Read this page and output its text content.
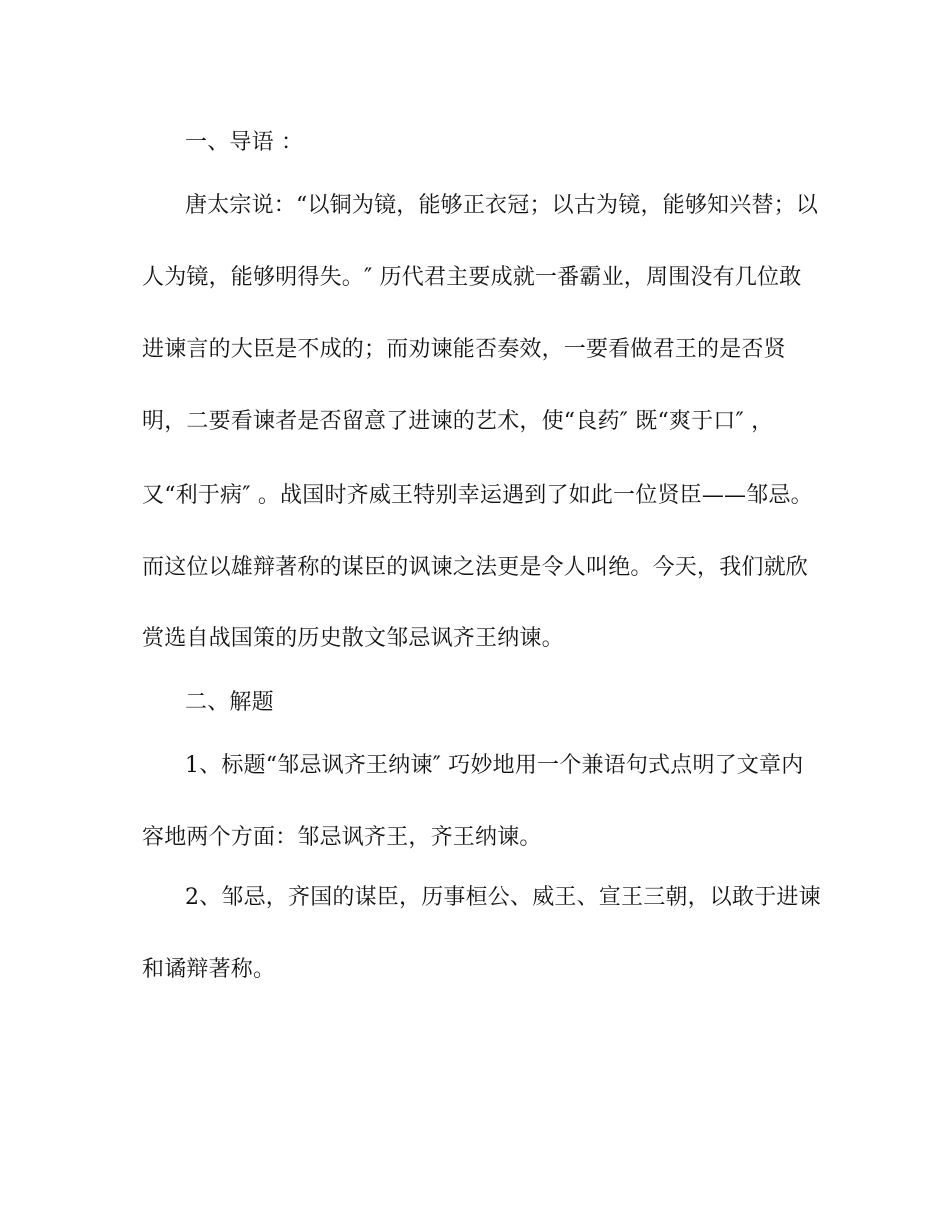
一、导语 ：
唐太宗说：“以铜为镜，能够正衣冠；以古为镜，能够知兴替；以
人为镜，能够明得失。″ 历代君主要成就一番霸业，周围没有几位敢
进谏言的大臣是不成的；而劝谏能否奏效，一要看做君王的是否贤
明，二要看谏者是否留意了进谏的艺术，使“良药″ 既“爽于口″ ，
又“利于病″ 。战国时齐威王特别幸运遇到了如此一位贤臣——邹忌。
而这位以雄辩著称的谋臣的讽谏之法更是令人叫绝。今天，我们就欣
赏选自战国策的历史散文邹忌讽齐王纳谏。
二、解题
1、标题“邹忌讽齐王纳谏″ 巧妙地用一个兼语句式点明了文章内
容地两个方面：邹忌讽齐王，齐王纳谏。
2、邹忌，齐国的谋臣，历事桓公、威王、宣王三朝，以敢于进谏
和谲辩著称。
